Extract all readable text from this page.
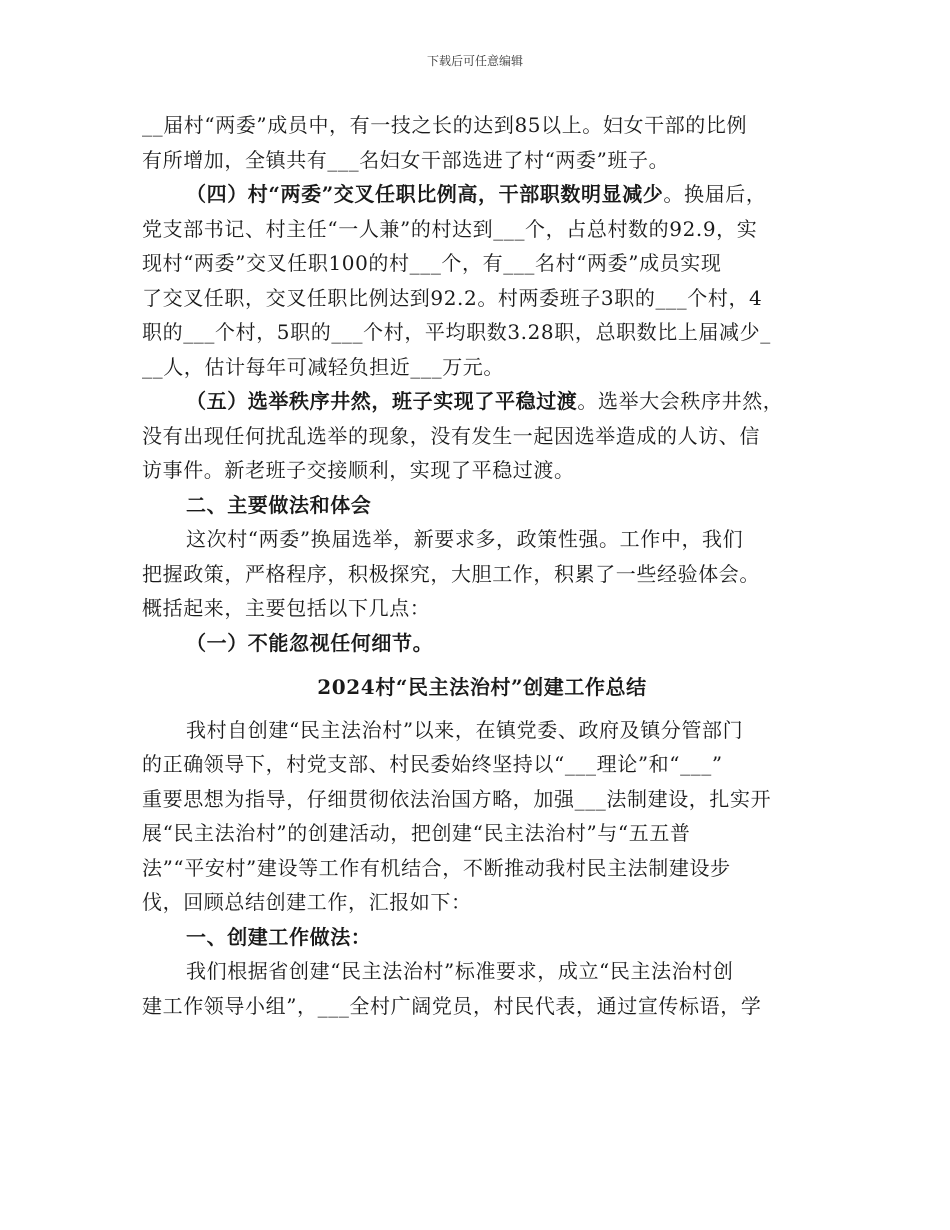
下载后可任意编辑
__届村“两委”成员中，有一技之长的达到85以上。妇女干部的比例
有所增加，全镇共有___名妇女干部选进了村“两委”班子。
（四）村“两委”交叉任职比例高，干部职数明显减少。换届后，
党支部书记、村主任“一人兼”的村达到___个，占总村数的92.9，实
现村“两委”交叉任职100的村___个，有___名村“两委”成员实现
了交叉任职，交叉任职比例达到92.2。村两委班子3职的___个村，4
职的___个村，5职的___个村，平均职数3.28职，总职数比上届减少_
__人，估计每年可减轻负担近___万元。
（五）选举秩序井然，班子实现了平稳过渡。选举大会秩序井然，
没有出现任何扰乱选举的现象，没有发生一起因选举造成的人访、信
访事件。新老班子交接顺利，实现了平稳过渡。
二、主要做法和体会
这次村“两委”换届选举，新要求多，政策性强。工作中，我们
把握政策，严格程序，积极探究，大胆工作，积累了一些经验体会。
概括起来，主要包括以下几点：
（一）不能忽视任何细节。
2024村“民主法治村”创建工作总结
我村自创建“民主法治村”以来，在镇党委、政府及镇分管部门
的正确领导下，村党支部、村民委始终坚持以“___理论”和“___”
重要思想为指导，仔细贯彻依法治国方略，加强___法制建设，扎实开
展“民主法治村”的创建活动，把创建“民主法治村”与“五五普
法”“平安村”建设等工作有机结合，不断推动我村民主法制建设步
伐，回顾总结创建工作，汇报如下：
一、创建工作做法：
我们根据省创建“民主法治村”标准要求，成立“民主法治村创
建工作领导小组”，___全村广阔党员，村民代表，通过宣传标语，学
